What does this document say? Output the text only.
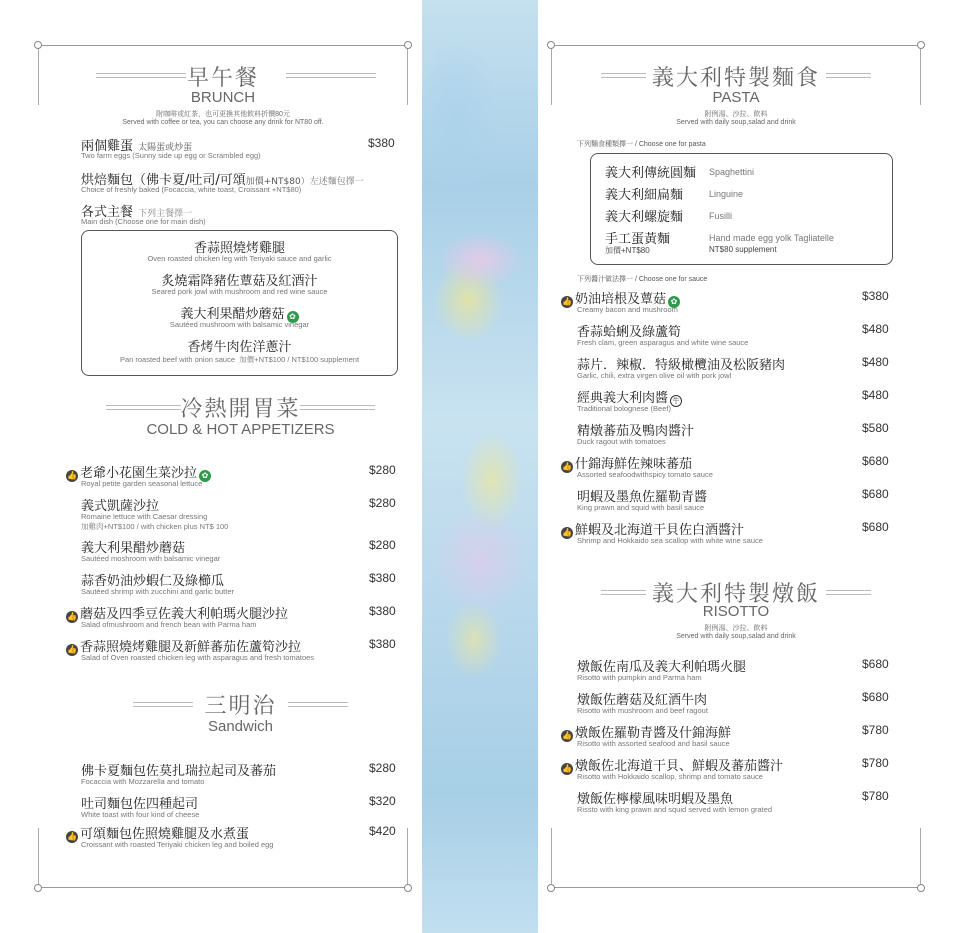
早午餐
BRUNCH
附咖啡或紅茶，也可更換其他飲料折價80元
Served with coffee or tea, you can choose any drink for NT80 off.
兩個雞蛋 太陽蛋或炒蛋
Two farm eggs (Sunny side up egg or Scrambled egg)
$380
烘焙麵包（佛卡夏/吐司/可頌加價+NT$80）左述麵包擇一
Choice of freshly baked (Focaccia, white toast, Croissant +NT$80)
各式主餐 下列主餐擇一
Main dish (Choose one for main dish)
香蒜照燒烤雞腿
Oven roasted chicken leg with Teriyaki sauce and garlic
炙燒霜降豬佐蕈菇及紅酒汁
Seared pork jowl with mushroom and red wine sauce
義大利果醋炒蘑菇 ✿
Sautéed mushroom with balsamic vinegar
香烤牛肉佐洋蔥汁
Pan roasted beef with onion sauce 加價+NT$100 / NT$100 supplement
冷熱開胃菜
COLD & HOT APPETIZERS
👍 老爺小花園生菜沙拉 ✿
Royal petite garden seasonal lettuce
$280
義式凱薩沙拉
Romaine lettuce with Caesar dressing
加雞肉+NT$100 / with chicken plus NT$ 100
$280
義大利果醋炒蘑菇
Sautéed moshroom with balsamic vinegar
$280
蒜香奶油炒蝦仁及綠櫛瓜
Sautéed shrimp with zucchini and garlic butter
$380
👍 蘑菇及四季豆佐義大利帕瑪火腿沙拉
Salad ofmushroom and french bean with Parma ham
$380
👍 香蒜照燒烤雞腿及新鮮蕃茄佐蘆筍沙拉
Salad of Oven roasted chicken leg with asparagus and fresh tomatoes
$380
三明治
Sandwich
佛卡夏麵包佐莫扎瑞拉起司及蕃茄
Focaccia with Mozzarella and tomato
$280
吐司麵包佐四種起司
White toast with four kind of cheese
$320
👍 可頌麵包佐照燒雞腿及水煮蛋
Croissant with roasted Teriyaki chicken leg and boiled egg
$420
義大利特製麵食
PASTA
附例湯、沙拉、飲料
Served with daily soup,salad and drink
下列麵食種類擇一 / Choose one for pasta
義大利傳統圓麵 Spaghettini
義大利細扁麵	Linguine
義大利螺旋麵	Fusilli
手工蛋黃麵
加價+NT$80
Hand made egg yolk Tagliatelle
NT$80 supplement
下列醬汁做法擇一 / Choose one for sauce
👍 奶油培根及蕈菇 ✿
Creamy bacon and mushroom
$380
香蒜蛤蜊及綠蘆筍
Fresh clam, green asparagus and white wine sauce
$480
蒜片．辣椒．特級橄欖油及松阪豬肉
Garlic, chili, extra virgen olive oil with pork jowl
$480
經典義大利肉醬 牛
Traditional bolognese (Beef)
$480
精燉蕃茄及鴨肉醬汁
Duck ragout with tomatoes
$580
👍 什錦海鮮佐辣味蕃茄
Assorted seafoodwithspicy tomato sauce
$680
明蝦及墨魚佐羅勒青醬
King prawn and squid with basil sauce
$680
👍 鮮蝦及北海道干貝佐白酒醬汁
Shrimp and Hokkaido sea scallop with white wine sauce
$680
義大利特製燉飯
RISOTTO
附例湯、沙拉、飲料
Served with daily soup,salad and drink
燉飯佐南瓜及義大利帕瑪火腿
Risotto with pumpkin and Parma ham
$680
燉飯佐蘑菇及紅酒牛肉
Risotto with mushroom and beef ragout
$680
👍 燉飯佐羅勒青醬及什錦海鮮
Risotto with assorted seafood and basil sauce
$780
👍 燉飯佐北海道干貝、鮮蝦及蕃茄醬汁
Risotto with Hokkaido scallop, shrimp and tomato sauce
$780
燉飯佐檸檬風味明蝦及墨魚
Rissto with king prawn and squid served with lemon grated
$780
